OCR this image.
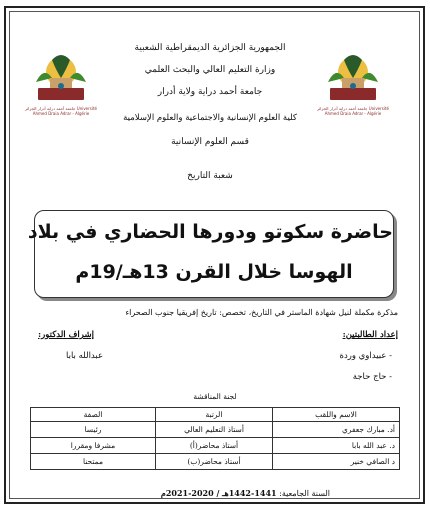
جامعة أحمد دراية أدرار الجزائر Université Ahmed Draia Adrar - Algérie
جامعة أحمد دراية أدرار الجزائر Université Ahmed Draia Adrar - Algérie
الجمهورية الجزائرية الديمقراطية الشعبية
وزارة التعليم العالي والبحث العلمي
جامعة أحمد دراية ولاية أدرار
كلية العلوم الإنسانية والاجتماعية والعلوم الإسلامية
قسم العلوم الإنسانية
شعبة التاريخ
حاضرة سكوتو ودورها الحضاري في بلاد
الهوسا خلال القرن 13هـ/19م
مذكرة مكملة لنيل شهادة الماستر في التاريخ، تخصص: تاريخ إفريقيا جنوب الصحراء
إعداد الطالبتين:
- عبيداوي وردة
- حاج حاجة
إشراف الدكتور:
عبدالله بابا
لجنة المناقشة
الاسم واللقب	الرتبة	الصفة
أد. مبارك جعفري	أستاذ التعليم العالي	رئيسا
د. عبد الله بابا	أستاذ محاضر(أ)	مشرفا ومقررا
د الصافي خنير	أستاذ محاضر(ب)	ممتحنا
السنة الجامعية: 1441-1442هـ / 2020-2021م
